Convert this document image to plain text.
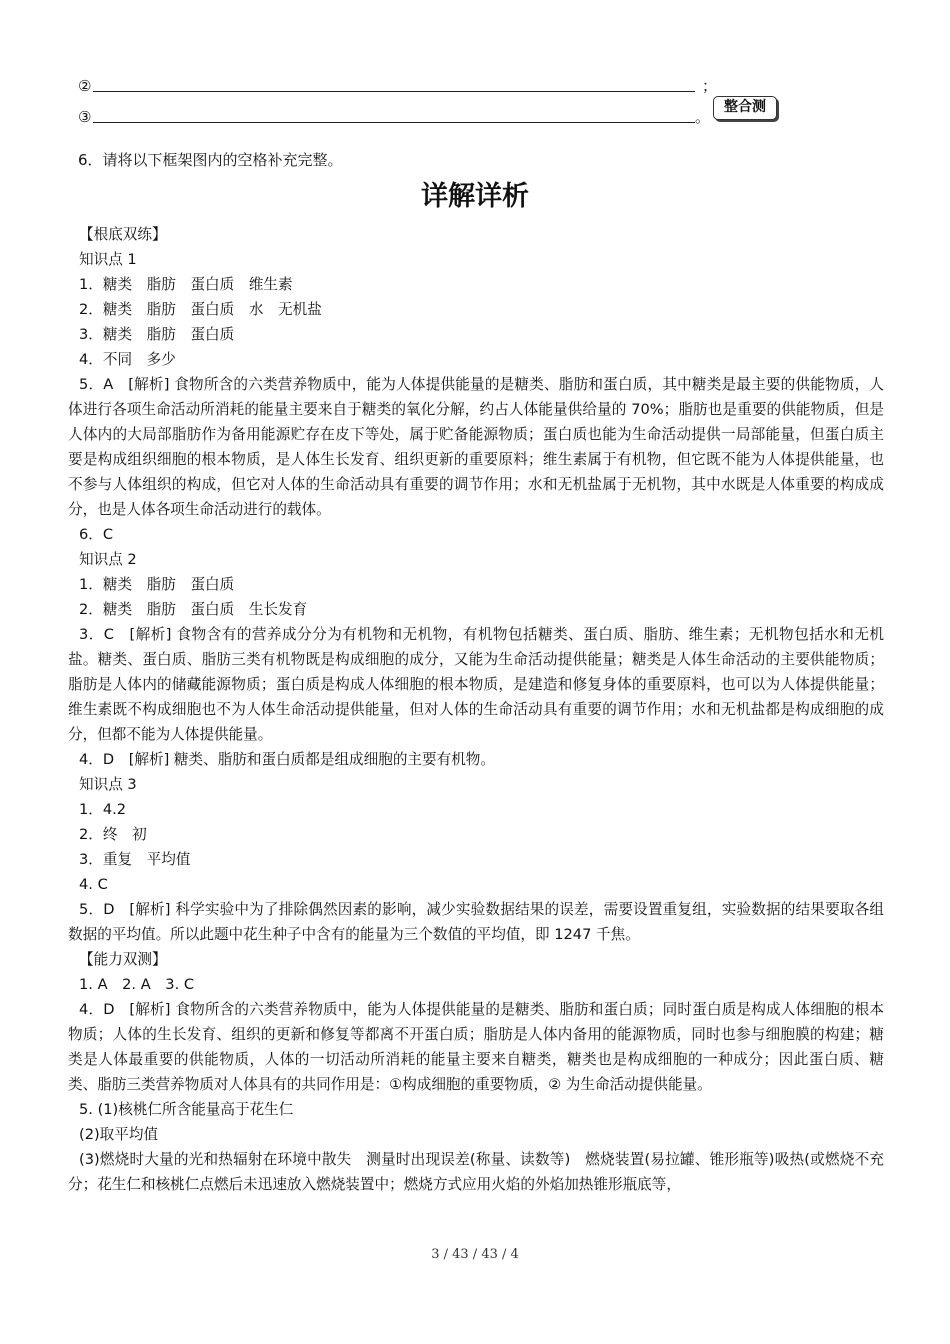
②	；
③	。
整合测
6．请将以下框架图内的空格补充完整。
详解详析

【根底双练】

知识点 1

1．糖类　脂肪　蛋白质　维生素

2．糖类　脂肪　蛋白质　水　无机盐

3．糖类　脂肪　蛋白质

4．不同　多少

5．A　[解析] 食物所含的六类营养物质中，能为人体提供能量的是糖类、脂肪和蛋白质，其中糖类是最主要的供能物质，人体进行各项生命活动所消耗的能量主要来自于糖类的氧化分解，约占人体能量供给量的 70%；脂肪也是重要的供能物质，但是人体内的大局部脂肪作为备用能源贮存在皮下等处，属于贮备能源物质；蛋白质也能为生命活动提供一局部能量，但蛋白质主要是构成组织细胞的根本物质，是人体生长发育、组织更新的重要原料；维生素属于有机物，但它既不能为人体提供能量，也不参与人体组织的构成，但它对人体的生命活动具有重要的调节作用；水和无机盐属于无机物，其中水既是人体重要的构成成分，也是人体各项生命活动进行的载体。

6．C

知识点 2

1．糖类　脂肪　蛋白质

2．糖类　脂肪　蛋白质　生长发育

3．C　[解析] 食物含有的营养成分分为有机物和无机物，有机物包括糖类、蛋白质、脂肪、维生素；无机物包括水和无机盐。糖类、蛋白质、脂肪三类有机物既是构成细胞的成分，又能为生命活动提供能量；糖类是人体生命活动的主要供能物质；脂肪是人体内的储藏能源物质；蛋白质是构成人体细胞的根本物质，是建造和修复身体的重要原料，也可以为人体提供能量；维生素既不构成细胞也不为人体生命活动提供能量，但对人体的生命活动具有重要的调节作用；水和无机盐都是构成细胞的成分，但都不能为人体提供能量。

4．D　[解析] 糖类、脂肪和蛋白质都是组成细胞的主要有机物。

知识点 3

1．4.2

2．终　初

3．重复　平均值

4. C

5．D　[解析] 科学实验中为了排除偶然因素的影响，减少实验数据结果的误差，需要设置重复组，实验数据的结果要取各组数据的平均值。所以此题中花生种子中含有的能量为三个数值的平均值，即 1247 千焦。

【能力双测】

1. A　2. A　3. C

4．D　[解析] 食物所含的六类营养物质中，能为人体提供能量的是糖类、脂肪和蛋白质；同时蛋白质是构成人体细胞的根本物质；人体的生长发育、组织的更新和修复等都离不开蛋白质；脂肪是人体内备用的能源物质，同时也参与细胞膜的构建；糖类是人体最重要的供能物质，人体的一切活动所消耗的能量主要来自糖类，糖类也是构成细胞的一种成分；因此蛋白质、糖类、脂肪三类营养物质对人体具有的共同作用是：①构成细胞的重要物质，② 为生命活动提供能量。

5. (1)核桃仁所含能量高于花生仁

(2)取平均值

(3)燃烧时大量的光和热辐射在环境中散失　测量时出现误差(称量、读数等)　燃烧装置(易拉罐、锥形瓶等)吸热(或燃烧不充分；花生仁和核桃仁点燃后未迅速放入燃烧装置中；燃烧方式应用火焰的外焰加热锥形瓶底等，

3 / 43 / 43 / 4
